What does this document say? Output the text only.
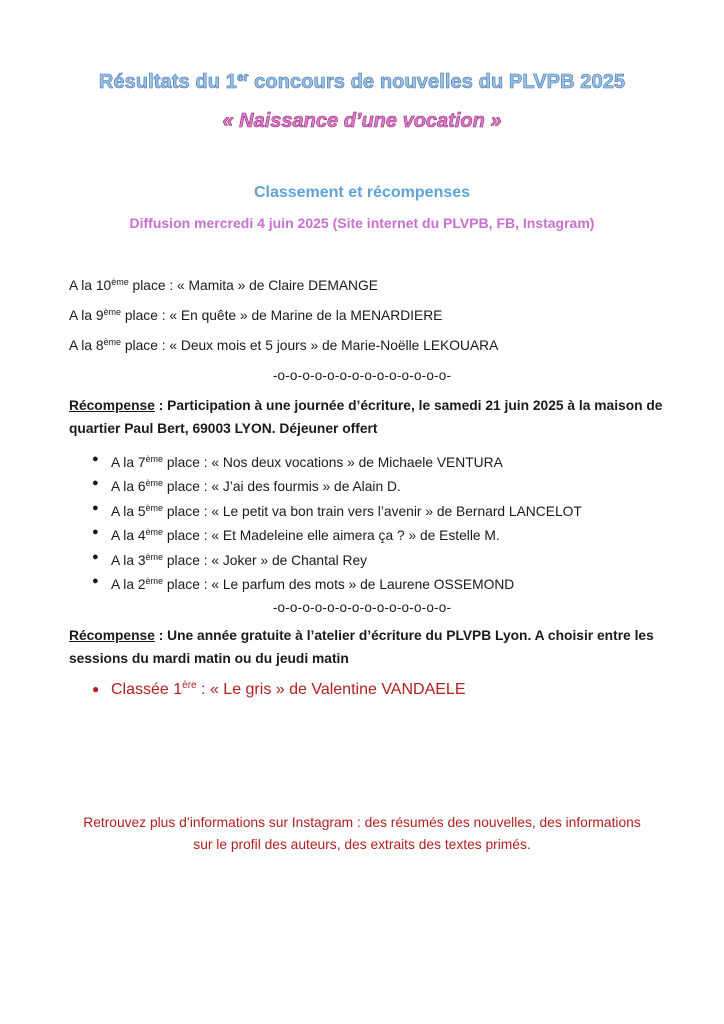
Résultats du 1er concours de nouvelles du PLVPB 2025
« Naissance d’une vocation »
Classement et récompenses
Diffusion mercredi 4 juin 2025 (Site internet du PLVPB, FB, Instagram)
A la 10ème place : « Mamita » de Claire DEMANGE
A la 9ème place : « En quête » de Marine de la MENARDIERE
A la 8ème place : « Deux mois et 5 jours » de Marie-Noëlle LEKOUARA
-o-o-o-o-o-o-o-o-o-o-o-o-o-o-
Récompense : Participation à une journée d’écriture, le samedi 21 juin 2025 à la maison de quartier Paul Bert, 69003 LYON. Déjeuner offert
● A la 7ème place : « Nos deux vocations » de Michaele VENTURA
● A la 6ème place : « J’ai des fourmis » de Alain D.
● A la 5ème place : « Le petit va bon train vers l’avenir » de Bernard LANCELOT
● A la 4ème place : « Et Madeleine elle aimera ça ? » de Estelle M.
● A la 3ème place : « Joker » de Chantal Rey
● A la 2ème place : « Le parfum des mots » de Laurene OSSEMOND
-o-o-o-o-o-o-o-o-o-o-o-o-o-o-
Récompense : Une année gratuite à l’atelier d’écriture du PLVPB Lyon. A choisir entre les sessions du mardi matin ou du jeudi matin
● Classée 1ère : « Le gris » de Valentine VANDAELE
Retrouvez plus d’informations sur Instagram : des résumés des nouvelles, des informations
sur le profil des auteurs, des extraits des textes primés.
